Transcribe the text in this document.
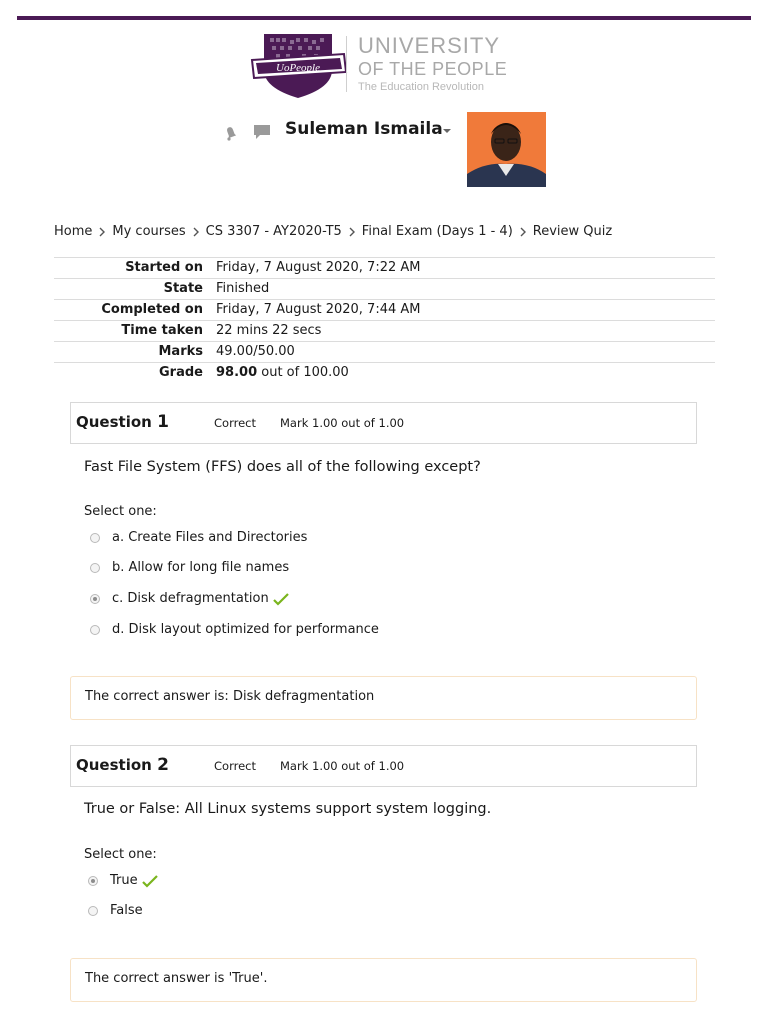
UoPeople
UNIVERSITY
OF THE PEOPLE
The Education Revolution
Suleman Ismaila
Home My courses CS 3307 - AY2020-T5 Final Exam (Days 1 - 4) Review Quiz
Started on	Friday, 7 August 2020, 7:22 AM
State	Finished
Completed on	Friday, 7 August 2020, 7:44 AM
Time taken	22 mins 22 secs
Marks	49.00/50.00
Grade	98.00 out of 100.00
Question 1	Correct Mark 1.00 out of 1.00
Fast File System (FFS) does all of the following except?
Select one:
a. Create Files and Directories
b. Allow for long file names
c. Disk defragmentation
d. Disk layout optimized for performance
The correct answer is: Disk defragmentation
Question 2	Correct Mark 1.00 out of 1.00
True or False: All Linux systems support system logging.
Select one:
True
False
The correct answer is 'True'.
